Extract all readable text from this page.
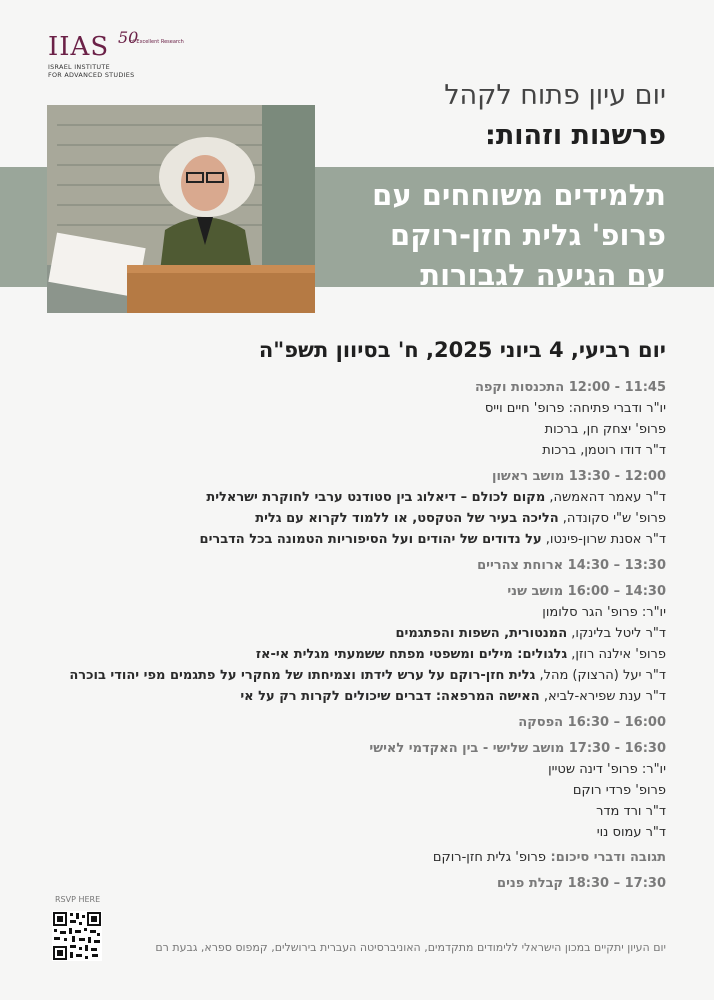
IIAS 50
of Excellent Research
ISRAEL INSTITUTE
FOR ADVANCED STUDIES
יום עיון פתוח לקהל
פרשנות וזהות:
תלמידים משוחחים עם
פרופ' גלית חזן-רוקם
עם הגיעה לגבורות
יום רביעי, 4 ביוני 2025, ח' בסיוון תשפ"ה
11:45 - 12:00 התכנסות וקפה
יו"ר ודברי פתיחה: פרופ' חיים וייס
פרופ' יצחק חן, ברכות
ד"ר דודו רוטמן, ברכות
12:00 - 13:30 מושב ראשון
ד"ר עאמר דהאמשה, מקום לכולם – דיאלוג בין סטודנט ערבי לחוקרת ישראלית
פרופ' ש"י סקונדה, הליכה בעיר של הטקסט, או ללמוד לקרוא עם גלית
ד"ר אסנת שרון-פינטו, על נדודים של יהודים ועל הסיפוריות הטמונה בכל הדברים
13:30 – 14:30 ארוחת צהריים
14:30 – 16:00 מושב שני
יו"ר: פרופ' הגר סלומון
ד"ר ליטל בלינקו, המנטורית, השפות והפתגמים
פרופ' אילנה רוזן, גלגולים: מילים ומשפטי מפתח ששמעתי מגלית אי-אז
ד"ר יעל (הרצוק) מהל, גלית חזן-רוקם על ערש לידתו וצמיחתו של מחקרי על פתגמים מפי יהודי בוכרה
ד"ר ענת שפירא-לביא, האישה המרפאה: דברים שיכולים לקרות רק על אי
16:00 – 16:30 הפסקה
16:30 - 17:30 מושב שלישי - בין האקדמי לאישי
יו"ר: פרופ' דינה שטיין
פרופ' פרדי רוקם
ד"ר ורד מדר
ד"ר עמוס נוי
תגובה ודברי סיכום: פרופ' גלית חזן-רוקם
17:30 – 18:30 קבלת פנים
RSVP HERE
יום העיון יתקיים במכון הישראלי ללימודים מתקדמים, האוניברסיטה העברית בירושלים, קמפוס ספרא, גבעת רם
